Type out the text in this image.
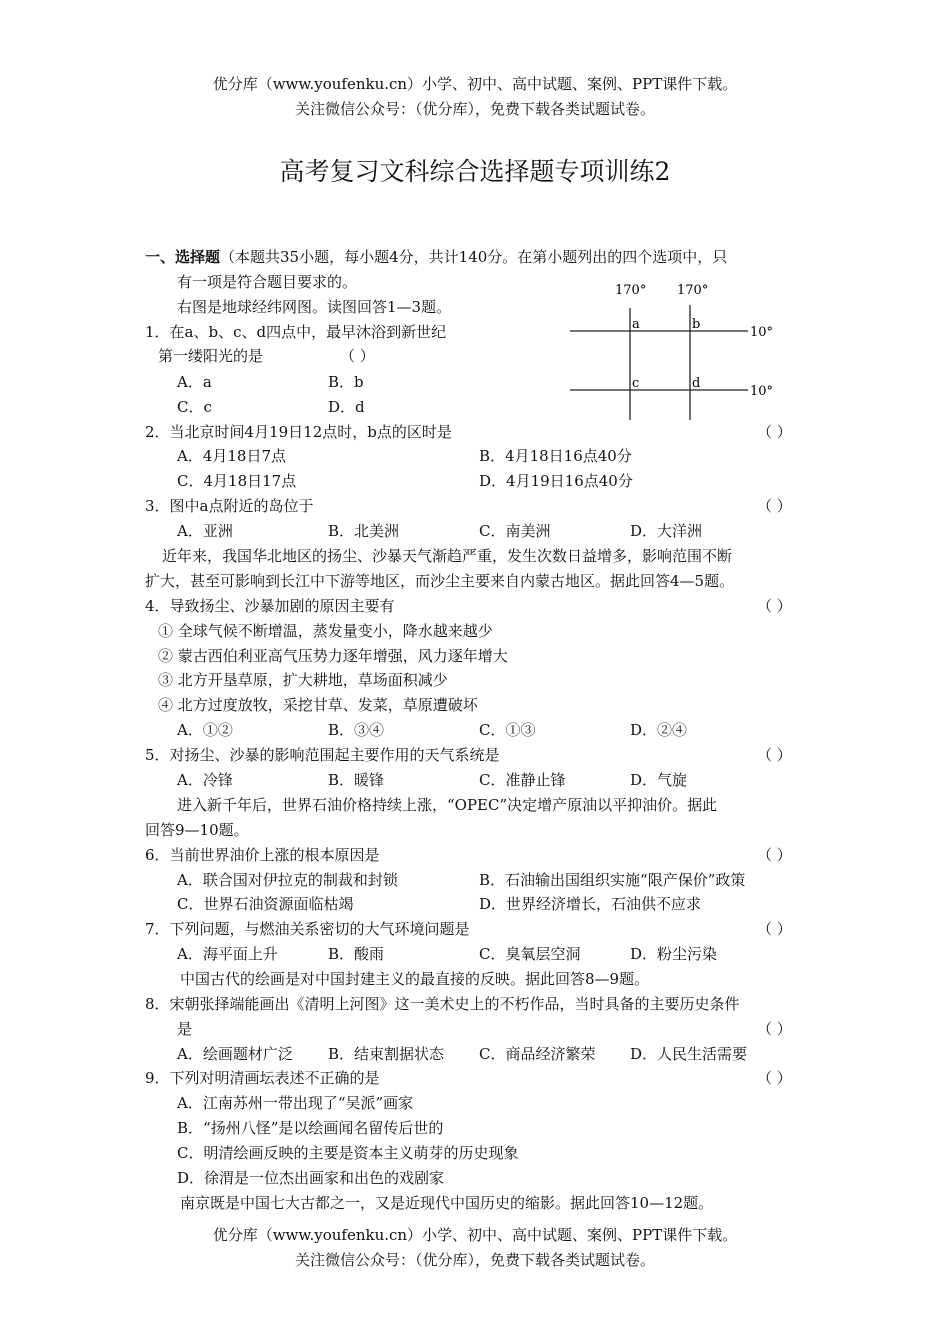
优分库（www.youfenku.cn）小学、初中、高中试题、案例、PPT课件下载。
关注微信公众号：（优分库），免费下载各类试题试卷。
高考复习文科综合选择题专项训练2
一、选择题（本题共35小题，每小题4分，共计140分。在第小题列出的四个选项中，只
有一项是符合题目要求的。	170° 170°
10°
10°
a	b
c	d
右图是地球经纬网图。读图回答1—3题。
1．在a、b、c、d四点中，最早沐浴到新世纪
第一缕阳光的是	（ ）
A．a	B．b
C．c	D．d
2．当北京时间4月19日12点时，b点的区时是	（ ）
A．4月18日7点	B．4月18日16点40分
C．4月18日17点	D．4月19日16点40分
3．图中a点附近的岛位于	（ ）
A．亚洲	B．北美洲	C．南美洲	D．大洋洲
近年来，我国华北地区的扬尘、沙暴天气渐趋严重，发生次数日益增多，影响范围不断
扩大，甚至可影响到长江中下游等地区，而沙尘主要来自内蒙古地区。据此回答4—5题。
4．导致扬尘、沙暴加剧的原因主要有	（ ）
① 全球气候不断增温，蒸发量变小，降水越来越少
② 蒙古西伯利亚高气压势力逐年增强，风力逐年增大
③ 北方开垦草原，扩大耕地，草场面积减少
④ 北方过度放牧，采挖甘草、发菜，草原遭破坏
A．①②	B．③④	C．①③	D．②④
5．对扬尘、沙暴的影响范围起主要作用的天气系统是	（ ）
A．冷锋	B．暖锋	C．准静止锋	D．气旋
进入新千年后，世界石油价格持续上涨，“OPEC”决定增产原油以平抑油价。据此
回答9—10题。
6．当前世界油价上涨的根本原因是	（ ）
A．联合国对伊拉克的制裁和封锁	B．石油输出国组织实施“限产保价”政策
C．世界石油资源面临枯竭	D．世界经济增长，石油供不应求
7．下列问题，与燃油关系密切的大气环境问题是	（ ）
A．海平面上升	B．酸雨	C．臭氧层空洞	D．粉尘污染
中国古代的绘画是对中国封建主义的最直接的反映。据此回答8—9题。
8．宋朝张择端能画出《清明上河图》这一美术史上的不朽作品，当时具备的主要历史条件
是	（ ）
A．绘画题材广泛 B．结束割据状态 C．商品经济繁荣 D．人民生活需要
9．下列对明清画坛表述不正确的是	（ ）
A．江南苏州一带出现了“吴派”画家
B．“扬州八怪”是以绘画闻名留传后世的
C．明清绘画反映的主要是资本主义萌芽的历史现象
D．徐渭是一位杰出画家和出色的戏剧家
南京既是中国七大古都之一，又是近现代中国历史的缩影。据此回答10—12题。
优分库（www.youfenku.cn）小学、初中、高中试题、案例、PPT课件下载。
关注微信公众号：（优分库），免费下载各类试题试卷。
